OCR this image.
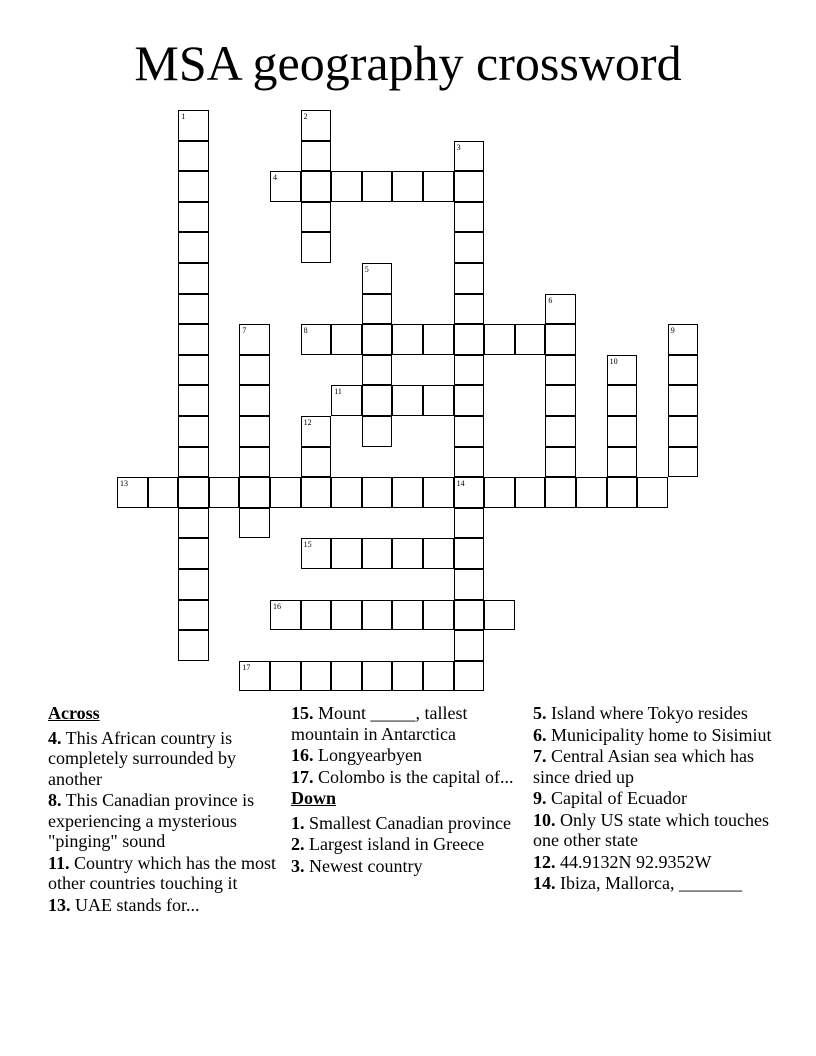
MSA geography crossword
1	2
3
4
5
6
7	8	9
10
11
12
13	14
15
16
17
Across
4. This African country is completely surrounded by another
8. This Canadian province is experiencing a mysterious "pinging" sound
11. Country which has the most other countries touching it
13. UAE stands for...
15. Mount _____, tallest mountain in Antarctica
16. Longyearbyen
17. Colombo is the capital of...
Down
1. Smallest Canadian province
2. Largest island in Greece
3. Newest country
5. Island where Tokyo resides
6. Municipality home to Sisimiut
7. Central Asian sea which has since dried up
9. Capital of Ecuador
10. Only US state which touches one other state
12. 44.9132N 92.9352W
14. Ibiza, Mallorca, _______
